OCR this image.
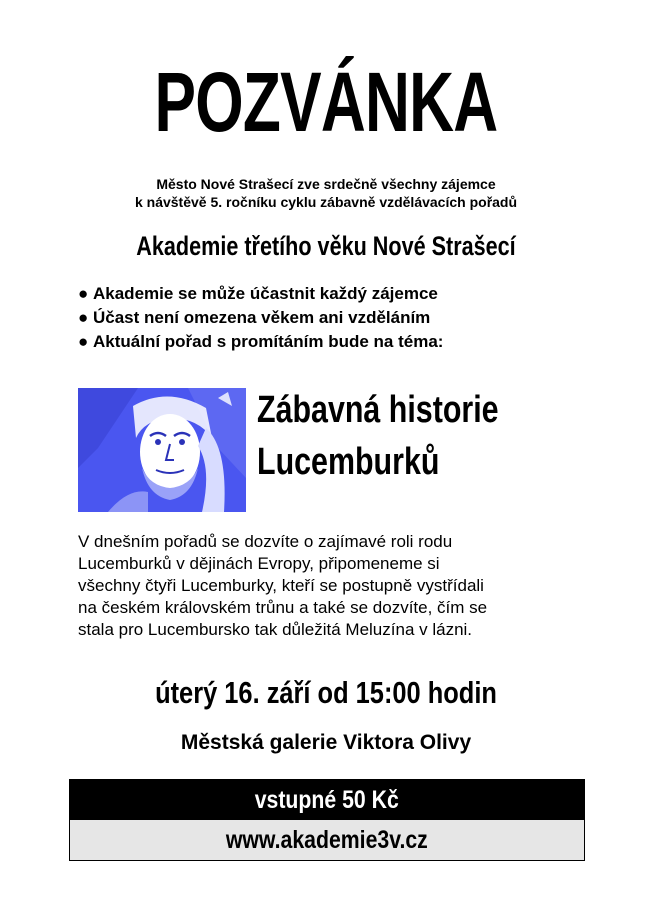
POZVÁNKA
Město Nové Strašecí zve srdečně všechny zájemce
k návštěvě 5. ročníku cyklu zábavně vzdělávacích pořadů
Akademie třetího věku Nové Strašecí
● Akademie se může účastnit každý zájemce
● Účast není omezena věkem ani vzděláním
● Aktuální pořad s promítáním bude na téma:
Zábavná historie
Lucemburků
V dnešním pořadů se dozvíte o zajímavé roli rodu
Lucemburků v dějinách Evropy, připomeneme si
všechny čtyři Lucemburky, kteří se postupně vystřídali
na českém královském trůnu a také se dozvíte, čím se
stala pro Lucembursko tak důležitá Meluzína v lázni.
úterý 16. září od 15:00 hodin
Městská galerie Viktora Olivy
vstupné 50 Kč
www.akademie3v.cz
